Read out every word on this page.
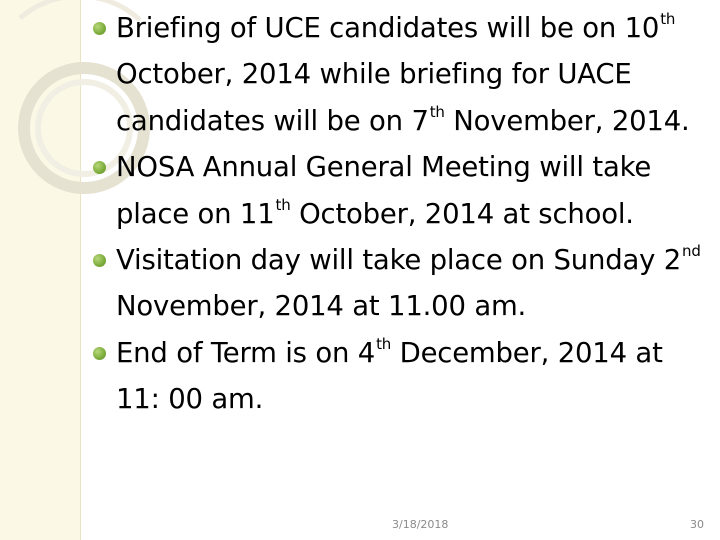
Briefing of UCE candidates will be on 10th October, 2014 while briefing for UACE candidates will be on 7th November, 2014.
NOSA Annual General Meeting will take place on 11th October, 2014 at school.
Visitation day will take place on Sunday 2nd November, 2014 at 11.00 am.
End of Term is on 4th December, 2014 at 11: 00 am.
3/18/2018	30
